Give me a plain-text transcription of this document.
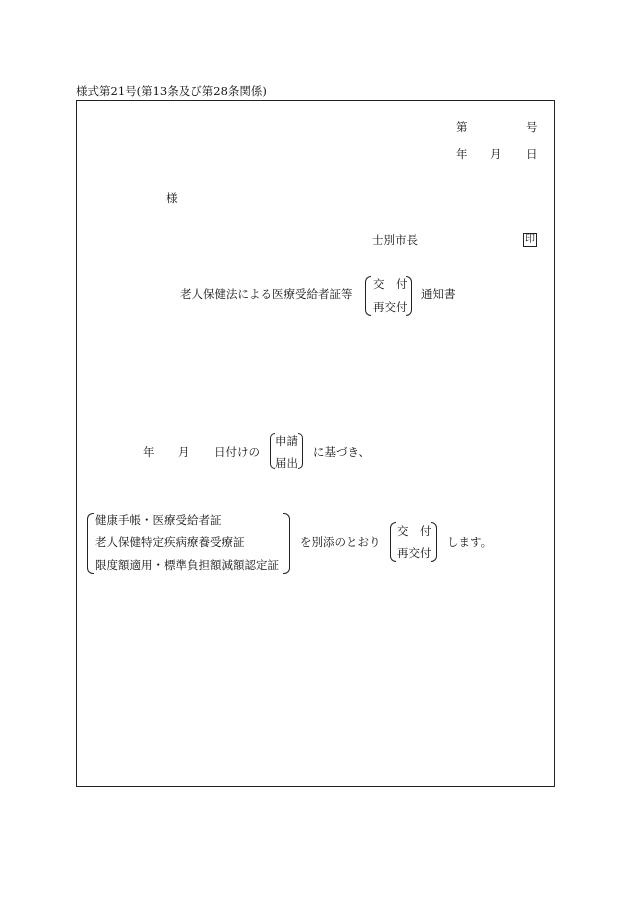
様式第21号(第13条及び第28条関係)
第	号
年 月 日
様
士別市長	印
老人保健法による医療受給者証等
交　付
再交付
通知書
年 月 日付けの
申請
届出
に基づき、
健康手帳・医療受給者証
老人保健特定疾病療養受療証
限度額適用・標準負担額減額認定証
を別添のとおり
交　付
再交付
します。
